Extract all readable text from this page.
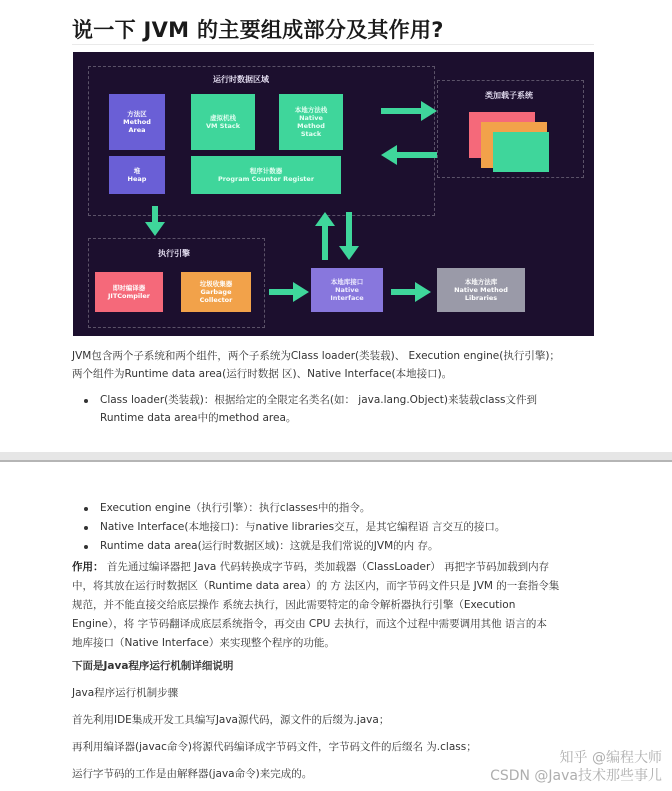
说一下 JVM 的主要组成部分及其作用?
运行时数据区域
方法区
Method
Area
虚拟机栈
VM Stack
本地方法栈
Native
Method
Stack
堆
Heap
程序计数器
Program Counter Register
类加载子系统
执行引擎
即时编译器
JITCompiler
垃圾收集器
Garbage
Collector
本地库接口
Native
Interface
本地方法库
Native Method
Libraries
JVM包含两个子系统和两个组件，两个子系统为Class loader(类装载)、 Execution engine(执行引擎)；
两个组件为Runtime data area(运行时数据 区)、Native Interface(本地接口)。
Class loader(类装载)：根据给定的全限定名类名(如： java.lang.Object)来装载class文件到
Runtime data area中的method area。
Execution engine（执行引擎）：执行classes中的指令。
Native Interface(本地接口)：与native libraries交互，是其它编程语 言交互的接口。
Runtime data area(运行时数据区域)：这就是我们常说的JVM的内 存。
作用： 首先通过编译器把 Java 代码转换成字节码，类加载器（ClassLoader） 再把字节码加载到内存
中，将其放在运行时数据区（Runtime data area）的 方 法区内，而字节码文件只是 JVM 的一套指令集
规范，并不能直接交给底层操作 系统去执行，因此需要特定的命令解析器执行引擎（Execution
Engine），将 字节码翻译成底层系统指令，再交由 CPU 去执行，而这个过程中需要调用其他 语言的本
地库接口（Native Interface）来实现整个程序的功能。
下面是Java程序运行机制详细说明
Java程序运行机制步骤
首先利用IDE集成开发工具编写Java源代码，源文件的后缀为.java；
再利用编译器(javac命令)将源代码编译成字节码文件，字节码文件的后缀名 为.class；
运行字节码的工作是由解释器(java命令)来完成的。
知乎 @编程大师
CSDN @Java技术那些事儿
